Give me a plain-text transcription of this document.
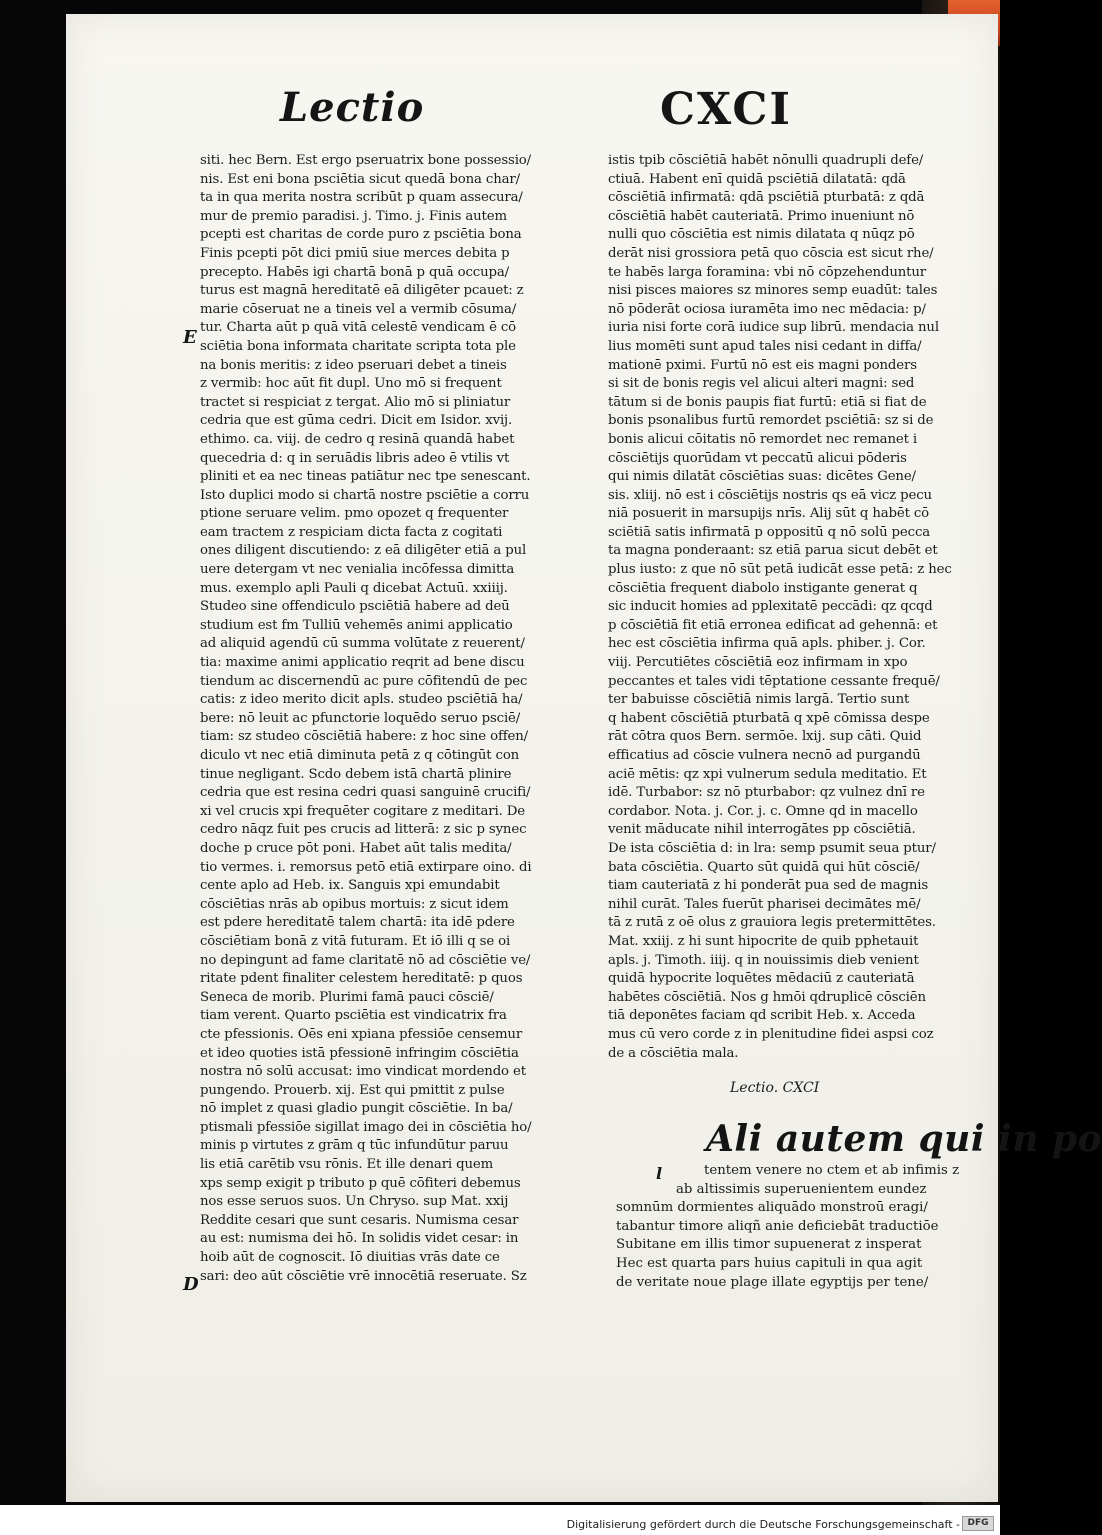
Lectio	CXCI
E
D
siti. hec Bern. Est ergo pseruatrix bone possessio/
nis. Est eni bona psciētia sicut quedā bona char/
ta in qua merita nostra scribūt p quam assecura/
mur de premio paradisi. j. Timo. j. Finis autem
pcepti est charitas de corde puro z psciētia bona
Finis pcepti pōt dici pmiū siue merces debita p
precepto. Habēs igi chartā bonā p quā occupa/
turus est magnā hereditatē eā diligēter pcauet: z
marie cōseruat ne a tineis vel a vermib cōsuma/
tur. Charta aūt p quā vitā celestē vendicam ē cō
sciētia bona informata charitate scripta tota ple
na bonis meritis: z ideo pseruari debet a tineis
z vermib: hoc aūt fit dupl. Uno mō si frequent
tractet si respiciat z tergat. Alio mō si pliniatur
cedria que est gūma cedri. Dicit em Isidor. xvij.
ethimo. ca. viij. de cedro q resinā quandā habet
quecedria d: q in seruādis libris adeo ē vtilis vt
pliniti et ea nec tineas patiātur nec tpe senescant.
Isto duplici modo si chartā nostre psciētie a corru
ptione seruare velim. pmo opozet q frequenter
eam tractem z respiciam dicta facta z cogitati
ones diligent discutiendo: z eā diligēter etiā a pul
uere detergam vt nec venialia incōfessa dimitta
mus. exemplo apli Pauli q dicebat Actuū. xxiiij.
Studeo sine offendiculo psciētiā habere ad deū
studium est fm Tulliū vehemēs animi applicatio
ad aliquid agendū cū summa volūtate z reuerent/
tia: maxime animi applicatio reqrit ad bene discu
tiendum ac discernendū ac pure cōfitendū de pec
catis: z ideo merito dicit apls. studeo psciētiā ha/
bere: nō leuit ac pfunctorie loquēdo seruo psciē/
tiam: sz studeo cōsciētiā habere: z hoc sine offen/
diculo vt nec etiā diminuta petā z q cōtingūt con
tinue negligant. Scdo debem istā chartā plinire
cedria que est resina cedri quasi sanguinē crucifi/
xi vel crucis xpi frequēter cogitare z meditari. De
cedro nāqz fuit pes crucis ad litterā: z sic p synec
doche p cruce pōt poni. Habet aūt talis medita/
tio vermes. i. remorsus petō etiā extirpare oino. di
cente aplo ad Heb. ix. Sanguis xpi emundabit
cōsciētias nrās ab opibus mortuis: z sicut idem
est pdere hereditatē talem chartā: ita idē pdere
cōsciētiam bonā z vitā futuram. Et iō illi q se oi
no depingunt ad fame claritatē nō ad cōsciētie ve/
ritate pdent finaliter celestem hereditatē: p quos
Seneca de morib. Plurimi famā pauci cōsciē/
tiam verent. Quarto psciētia est vindicatrix fra
cte pfessionis. Oēs eni xpiana pfessiōe censemur
et ideo quoties istā pfessionē infringim cōsciētia
nostra nō solū accusat: imo vindicat mordendo et
pungendo. Prouerb. xij. Est qui pmittit z pulse
nō implet z quasi gladio pungit cōsciētie. In ba/
ptismali pfessiōe sigillat imago dei in cōsciētia ho/
minis p virtutes z grām q tūc infundūtur paruu
lis etiā carētib vsu rōnis. Et ille denari quem
xps semp exigit p tributo p quē cōfiteri debemus
nos esse seruos suos. Un Chryso. sup Mat. xxij
Reddite cesari que sunt cesaris. Numisma cesar
au est: numisma dei hō. In solidis videt cesar: in
hoib aūt de cognoscit. Iō diuitias vrās date ce
sari: deo aūt cōsciētie vrē innocētiā reseruate. Sz
istis tpib cōsciētiā habēt nōnulli quadrupli defe/
ctiuā. Habent enī quidā psciētiā dilatatā: qdā
cōsciētiā infirmatā: qdā psciētiā pturbatā: z qdā
cōsciētiā habēt cauteriatā. Primo inueniunt nō
nulli quo cōsciētia est nimis dilatata q nūqz pō
derāt nisi grossiora petā quo cōscia est sicut rhe/
te habēs larga foramina: vbi nō cōpzehenduntur
nisi pisces maiores sz minores semp euadūt: tales
nō pōderāt ociosa iuramēta imo nec mēdacia: p/
iuria nisi forte corā iudice sup librū. mendacia nul
lius momēti sunt apud tales nisi cedant in diffa/
mationē pximi. Furtū nō est eis magni ponders
si sit de bonis regis vel alicui alteri magni: sed
tātum si de bonis paupis fiat furtū: etiā si fiat de
bonis psonalibus furtū remordet psciētiā: sz si de
bonis alicui cōitatis nō remordet nec remanet i
cōsciētijs quorūdam vt peccatū alicui pōderis
qui nimis dilatāt cōsciētias suas: dicētes Gene/
sis. xliij. nō est i cōsciētijs nostris qs eā vicz pecu
niā posuerit in marsupijs nrīs. Alij sūt q habēt cō
sciētiā satis infirmatā p oppositū q nō solū pecca
ta magna ponderaant: sz etiā parua sicut debēt et
plus iusto: z que nō sūt petā iudicāt esse petā: z hec
cōsciētia frequent diabolo instigante generat q
sic inducit homies ad pplexitatē peccādi: qz qcqd
p cōsciētiā fit etiā erronea edificat ad gehennā: et
hec est cōsciētia infirma quā apls. phiber. j. Cor.
viij. Percutiētes cōsciētiā eoz infirmam in xpo
peccantes et tales vidi tēptatione cessante frequē/
ter babuisse cōsciētiā nimis largā. Tertio sunt
q habent cōsciētiā pturbatā q xpē cōmissa despe
rāt cōtra quos Bern. sermōe. lxij. sup cāti. Quid
efficatius ad cōscie vulnera necnō ad purgandū
aciē mētis: qz xpi vulnerum sedula meditatio. Et
idē. Turbabor: sz nō pturbabor: qz vulnez dnī re
cordabor. Nota. j. Cor. j. c. Omne qd in macello
venit māducate nihil interrogātes pp cōsciētiā.
De ista cōsciētia d: in lra: semp psumit seua ptur/
bata cōsciētia. Quarto sūt quidā qui hūt cōsciē/
tiam cauteriatā z hi ponderāt pua sed de magnis
nihil curāt. Tales fuerūt pharisei decimātes mē/
tā z rutā z oē olus z grauiora legis pretermittētes.
Mat. xxiij. z hi sunt hipocrite de quib pphetauit
apls. j. Timoth. iiij. q in nouissimis dieb venient
quidā hypocrite loquētes mēdaciū z cauteriatā
habētes cōsciētiā. Nos g hmōi qdruplicē cōsciēn
tiā deponētes faciam qd scribit Heb. x. Acceda
mus cū vero corde z in plenitudine fidei aspsi coz
de a cōsciētia mala.
Lectio. CXCI
Ali autem qui in po
l	tentem venere no ctem et ab infimis z
ab altissimis superuenientem eundez
somnūm dormientes aliquādo monstroū eragi/
tabantur timore aliqñ anie deficiebāt traductiōe
Subitane em illis timor supuenerat z insperat
Hec est quarta pars huius capituli in qua agit
de veritate noue plage illate egyptijs per tene/
Digitalisierung gefördert durch die Deutsche Forschungsgemeinschaft - DFG
